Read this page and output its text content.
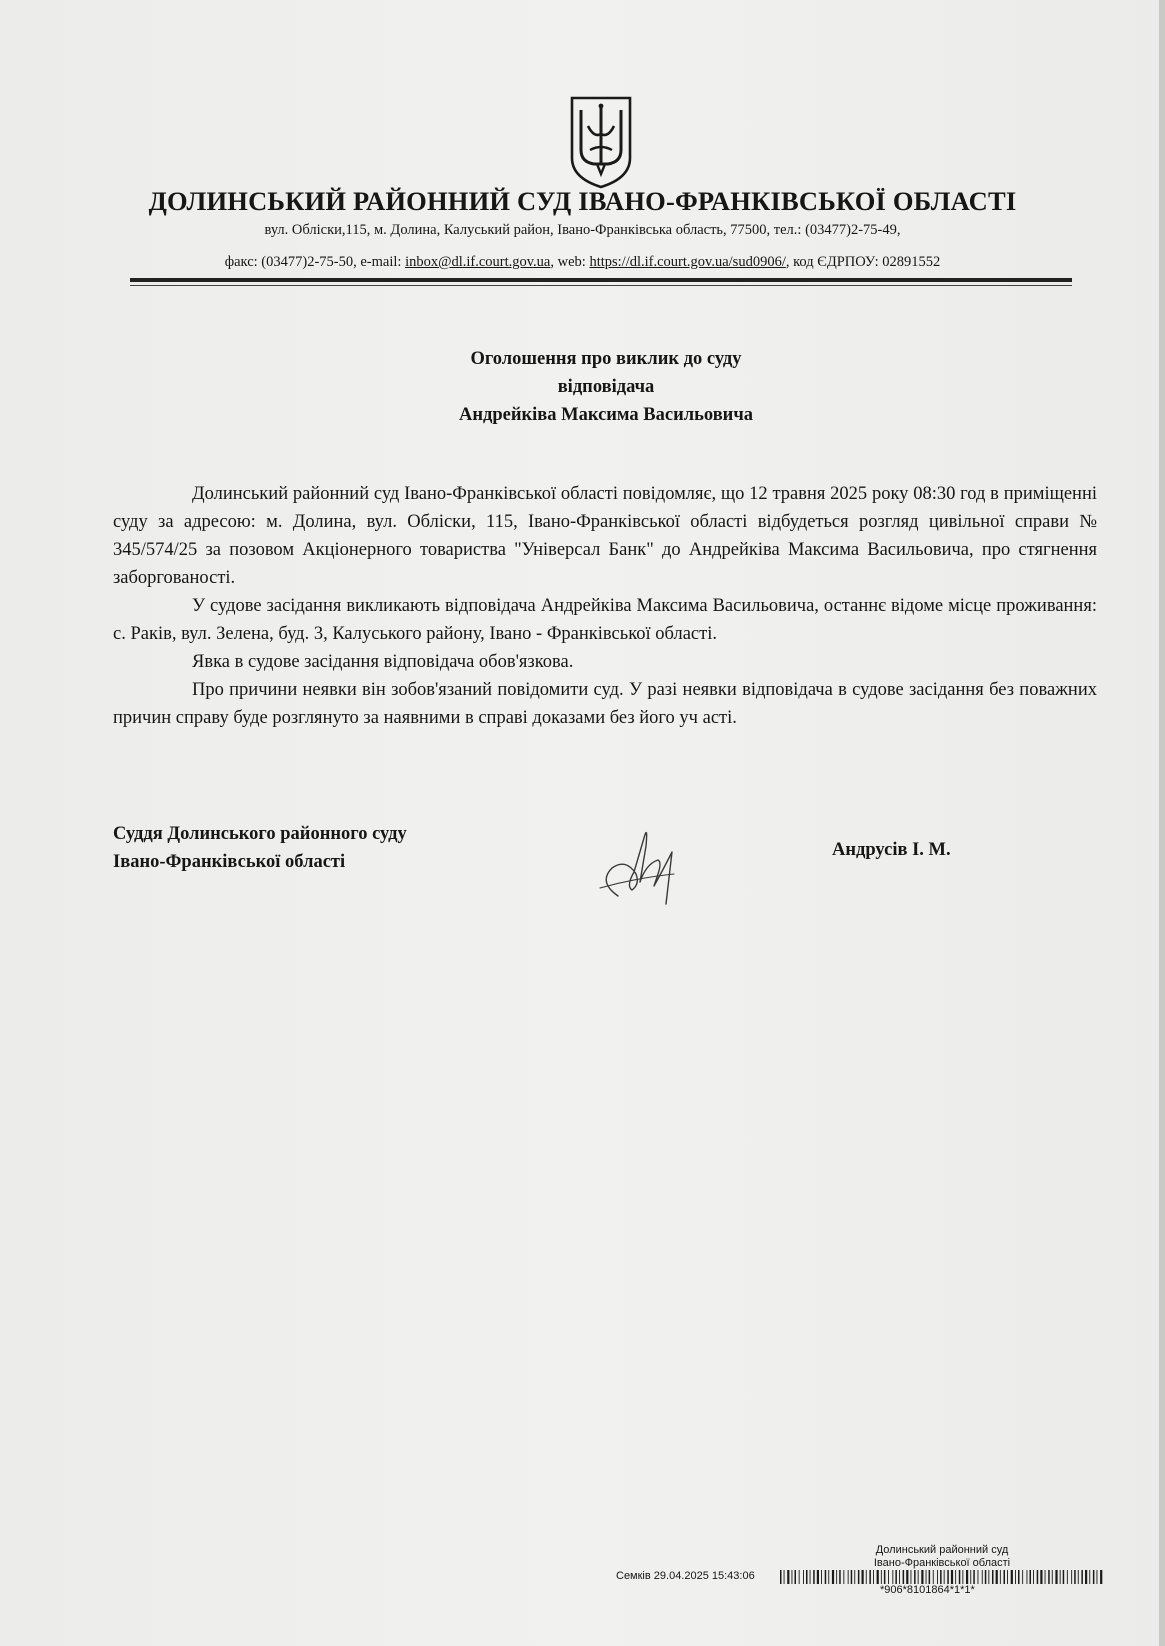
ДОЛИНСЬКИЙ РАЙОННИЙ СУД ІВАНО-ФРАНКІВСЬКОЇ ОБЛАСТІ
вул. Обліски,115, м. Долина, Калуський район, Івано-Франківська область, 77500, тел.: (03477)2-75-49,
факс: (03477)2-75-50, e-mail: inbox@dl.if.court.gov.ua, web: https://dl.if.court.gov.ua/sud0906/, код ЄДРПОУ: 02891552
Оголошення про виклик до суду
відповідача
Андрейківа Максима Васильовича

Долинський районний суд Івано-Франківської області повідомляє, що 12 травня 2025 року 08:30 год в приміщенні суду за адресою: м. Долина, вул. Обліски, 115, Івано-Франківської області відбудеться розгляд цивільної справи № 345/574/25 за позовом Акціонерного товариства "Універсал Банк" до Андрейківа Максима Васильовича, про стягнення заборгованості.

У судове засідання викликають відповідача Андрейківа Максима Васильовича, останнє відоме місце проживання: с. Раків, вул. Зелена, буд. 3, Калуського району, Івано - Франківської області.

Явка в судове засідання відповідача обов'язкова.

Про причини неявки він зобов'язаний повідомити суд. У разі неявки відповідача в судове засідання без поважних причин справу буде розглянуто за наявними в справі доказами без його уч асті.

Суддя Долинського районного суду
Івано-Франківської області
Андрусів І. М.
Долинський районний суд
Івано-Франківської області
Семків 29.04.2025 15:43:06
*906*8101864*1*1*
